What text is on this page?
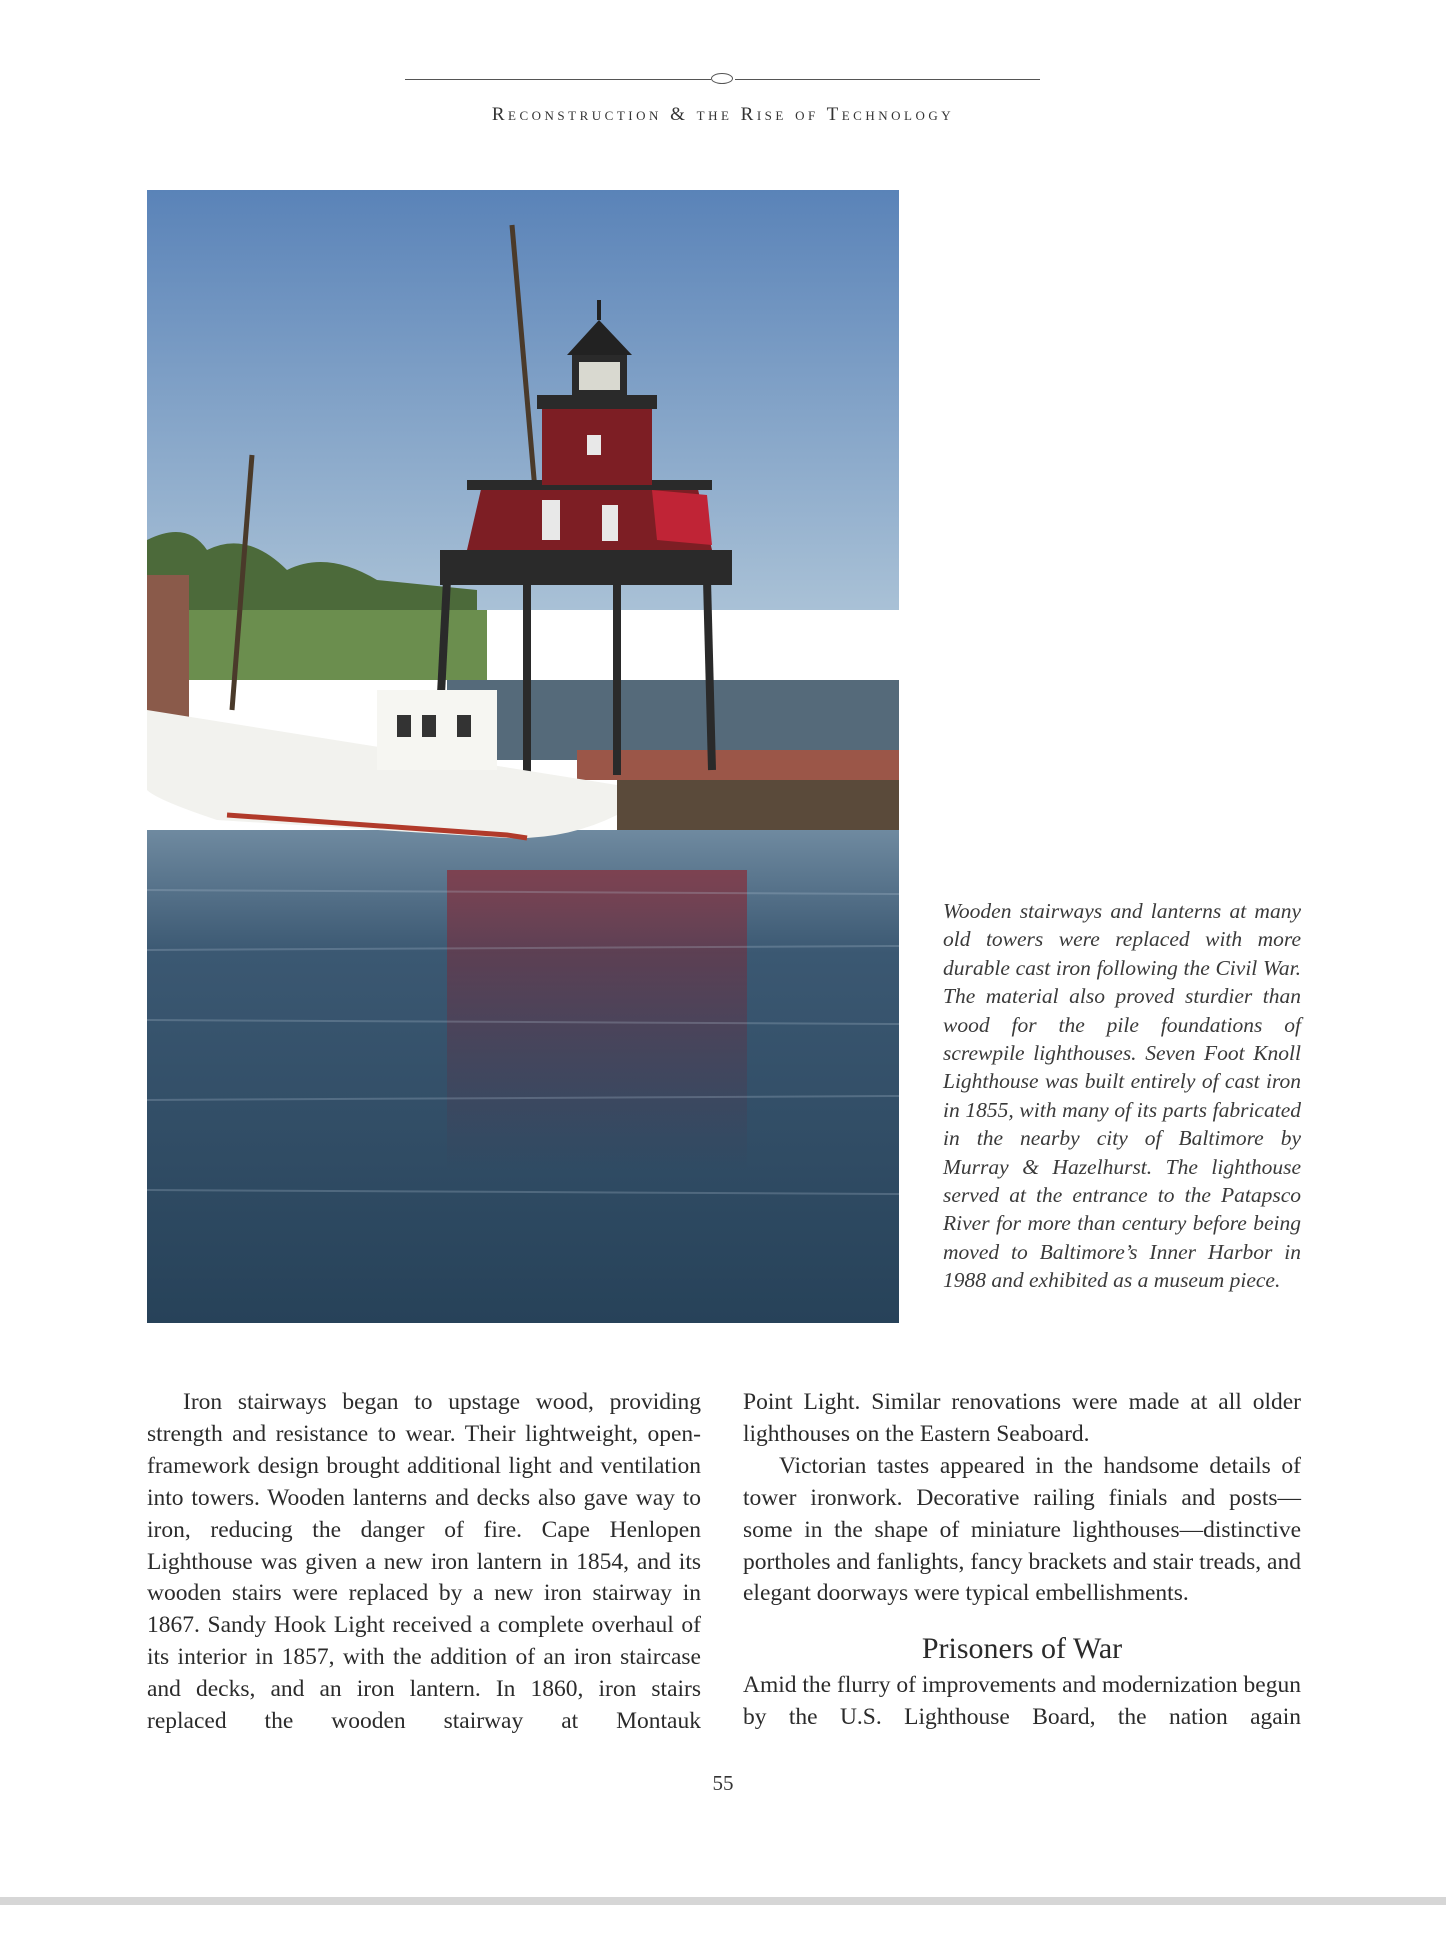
Reconstruction & the Rise of Technology

Wooden stairways and lanterns at many old towers were replaced with more durable cast iron following the Civil War. The material also proved sturdier than wood for the pile foundations of screwpile lighthouses. Seven Foot Knoll Lighthouse was built entirely of cast iron in 1855, with many of its parts fabricated in the nearby city of Baltimore by Murray & Hazelhurst. The lighthouse served at the entrance to the Patapsco River for more than century before being moved to Baltimore’s Inner Harbor in 1988 and exhibited as a museum piece.

Iron stairways began to upstage wood, providing strength and resistance to wear. Their lightweight, open-framework design brought additional light and ventilation into towers. Wooden lanterns and decks also gave way to iron, reducing the danger of fire. Cape Henlopen Lighthouse was given a new iron lantern in 1854, and its wooden stairs were replaced by a new iron stairway in 1867. Sandy Hook Light received a complete overhaul of its interior in 1857, with the addition of an iron staircase and decks, and an iron lantern. In 1860, iron stairs replaced the wooden stairway at Montauk

Point Light. Similar renovations were made at all older lighthouses on the Eastern Seaboard.

Victorian tastes appeared in the handsome details of tower ironwork. Decorative railing finials and posts—some in the shape of miniature lighthouses—distinctive portholes and fanlights, fancy brackets and stair treads, and elegant doorways were typical embellishments.

Prisoners of War

Amid the flurry of improvements and modernization begun by the U.S. Lighthouse Board, the nation again

55
